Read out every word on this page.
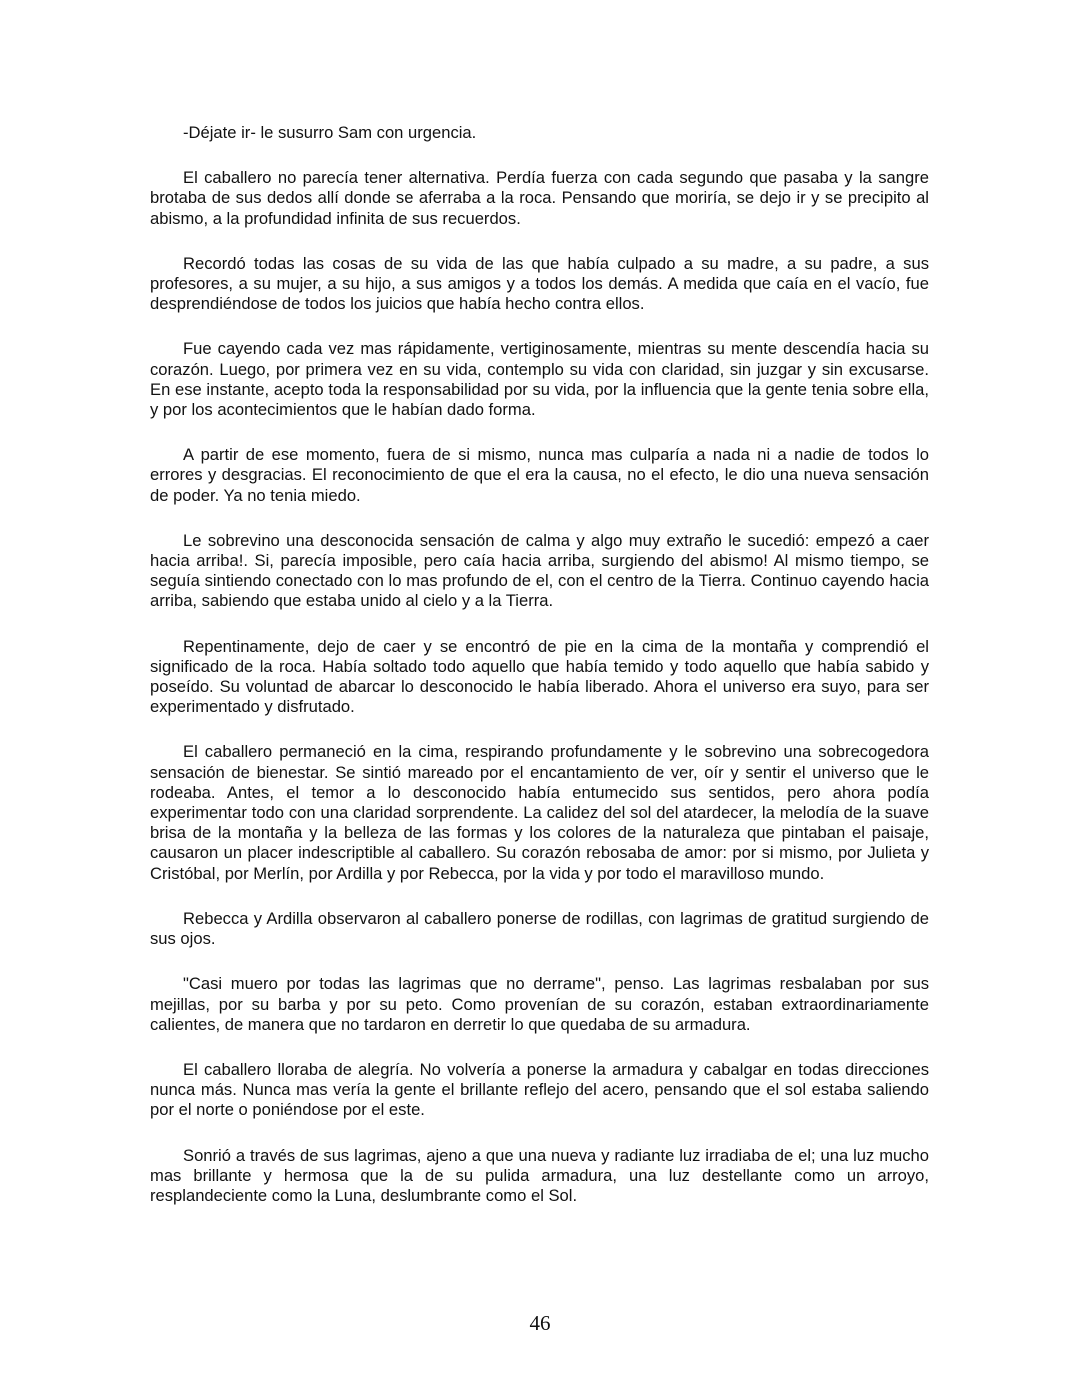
-Déjate ir- le susurro Sam con urgencia.

El caballero no parecía tener alternativa. Perdía fuerza con cada segundo que pasaba y la sangre brotaba de sus dedos allí donde se aferraba a la roca. Pensando que moriría, se dejo ir y se precipito al abismo, a la profundidad infinita de sus recuerdos.

Recordó todas las cosas de su vida de las que había culpado a su madre, a su padre, a sus profesores, a su mujer, a su hijo, a sus amigos y a todos los demás. A medida que caía en el vacío, fue desprendiéndose de todos los juicios que había hecho contra ellos.

Fue cayendo cada vez mas rápidamente, vertiginosamente, mientras su mente descendía hacia su corazón. Luego, por primera vez en su vida, contemplo su vida con claridad, sin juzgar y sin excusarse. En ese instante, acepto toda la responsabilidad por su vida, por la influencia que la gente tenia sobre ella, y por los acontecimientos que le habían dado forma.

A partir de ese momento, fuera de si mismo, nunca mas culparía a nada ni a nadie de todos lo errores y desgracias. El reconocimiento de que el era la causa, no el efecto, le dio una nueva sensación de poder. Ya no tenia miedo.

Le sobrevino una desconocida sensación de calma y algo muy extraño le sucedió: empezó a caer hacia arriba!. Si, parecía imposible, pero caía hacia arriba, surgiendo del abismo! Al mismo tiempo, se seguía sintiendo conectado con lo mas profundo de el, con el centro de la Tierra. Continuo cayendo hacia arriba, sabiendo que estaba unido al cielo y a la Tierra.

Repentinamente, dejo de caer y se encontró de pie en la cima de la montaña y comprendió el significado de la roca. Había soltado todo aquello que había temido y todo aquello que había sabido y poseído. Su voluntad de abarcar lo desconocido le había liberado. Ahora el universo era suyo, para ser experimentado y disfrutado.

El caballero permaneció en la cima, respirando profundamente y le sobrevino una sobrecogedora sensación de bienestar. Se sintió mareado por el encantamiento de ver, oír y sentir el universo que le rodeaba. Antes, el temor a lo desconocido había entumecido sus sentidos, pero ahora podía experimentar todo con una claridad sorprendente. La calidez del sol del atardecer, la melodía de la suave brisa de la montaña y la belleza de las formas y los colores de la naturaleza que pintaban el paisaje, causaron un placer indescriptible al caballero. Su corazón rebosaba de amor: por si mismo, por Julieta y Cristóbal, por Merlín, por Ardilla y por Rebecca, por la vida y por todo el maravilloso mundo.

Rebecca y Ardilla observaron al caballero ponerse de rodillas, con lagrimas de gratitud surgiendo de sus ojos.

"Casi muero por todas las lagrimas que no derrame", penso. Las lagrimas resbalaban por sus mejillas, por su barba y por su peto. Como provenían de su corazón, estaban extraordinariamente calientes, de manera que no tardaron en derretir lo que quedaba de su armadura.

El caballero lloraba de alegría. No volvería a ponerse la armadura y cabalgar en todas direcciones nunca más. Nunca mas vería la gente el brillante reflejo del acero, pensando que el sol estaba saliendo por el norte o poniéndose por el este.

Sonrió a través de sus lagrimas, ajeno a que una nueva y radiante luz irradiaba de el; una luz mucho mas brillante y hermosa que la de su pulida armadura, una luz destellante como un arroyo, resplandeciente como la Luna, deslumbrante como el Sol.

46
